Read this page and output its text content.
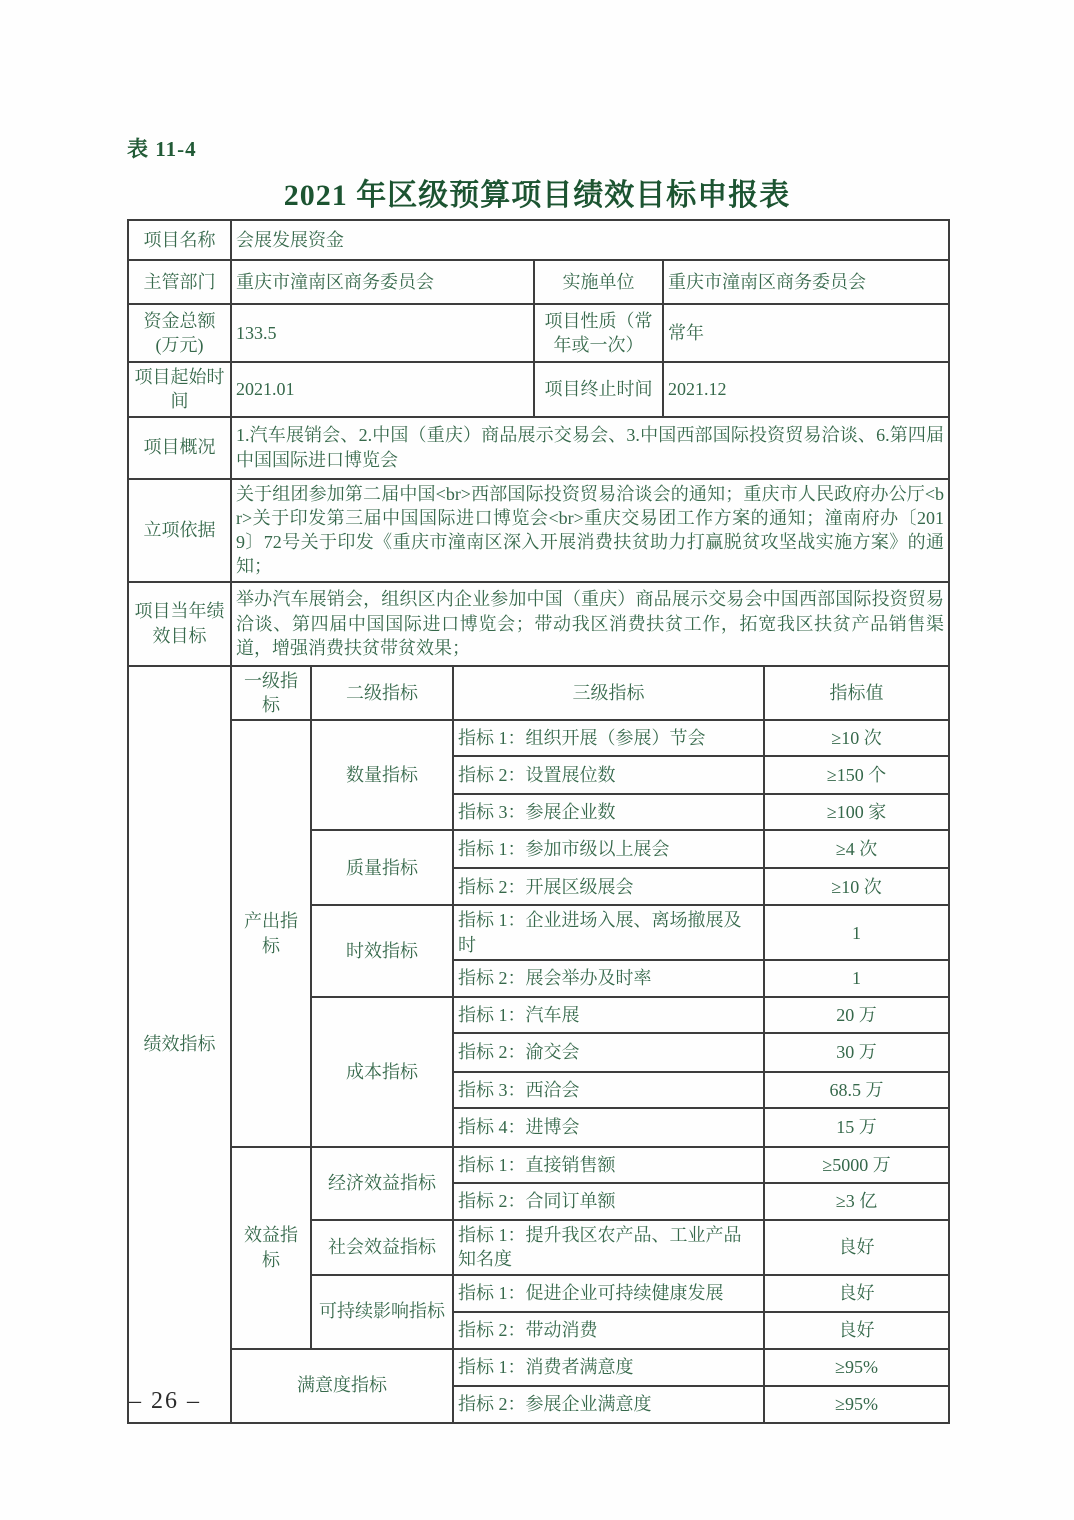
表 11-4
2021 年区级预算项目绩效目标申报表
项目名称	会展发展资金					
主管部门	重庆市潼南区商务委员会			实施单位	重庆市潼南区商务委员会	
资金总额(万元)	133.5			项目性质（常年或一次）	常年	
项目起始时间	2021.01			项目终止时间	2021.12	
项目概况	1.汽车展销会、2.中国（重庆）商品展示交易会、3.中国西部国际投资贸易洽谈、6.第四届中国国际进口博览会					
立项依据	关于组团参加第二届中国<br>西部国际投资贸易洽谈会的通知；重庆市人民政府办公厅<br>关于印发第三届中国国际进口博览会<br>重庆交易团工作方案的通知；潼南府办〔2019〕72号关于印发《重庆市潼南区深入开展消费扶贫助力打赢脱贫攻坚战实施方案》的通知；					
项目当年绩效目标	举办汽车展销会，组织区内企业参加中国（重庆）商品展示交易会中国西部国际投资贸易洽谈、第四届中国国际进口博览会；带动我区消费扶贫工作，拓宽我区扶贫产品销售渠道，增强消费扶贫带贫效果；					
绩效指标	一级指标	二级指标	三级指标			指标值
	产出指标	数量指标	指标 1：组织开展（参展）节会			≥10 次
			指标 2：设置展位数			≥150 个
			指标 3：参展企业数			≥100 家
		质量指标	指标 1：参加市级以上展会			≥4 次
			指标 2：开展区级展会			≥10 次
		时效指标	指标 1：企业进场入展、离场撤展及时			1
			指标 2：展会举办及时率			1
		成本指标	指标 1：汽车展			20 万
			指标 2：渝交会			30 万
			指标 3：西洽会			68.5 万
			指标 4：进博会			15 万
	效益指标	经济效益指标	指标 1：直接销售额			≥5000 万
			指标 2：合同订单额			≥3 亿
		社会效益指标	指标 1：提升我区农产品、工业产品知名度			良好
		可持续影响指标	指标 1：促进企业可持续健康发展			良好
			指标 2：带动消费			良好
	满意度指标		指标 1：消费者满意度			≥95%
			指标 2：参展企业满意度			≥95%
– 26 –
